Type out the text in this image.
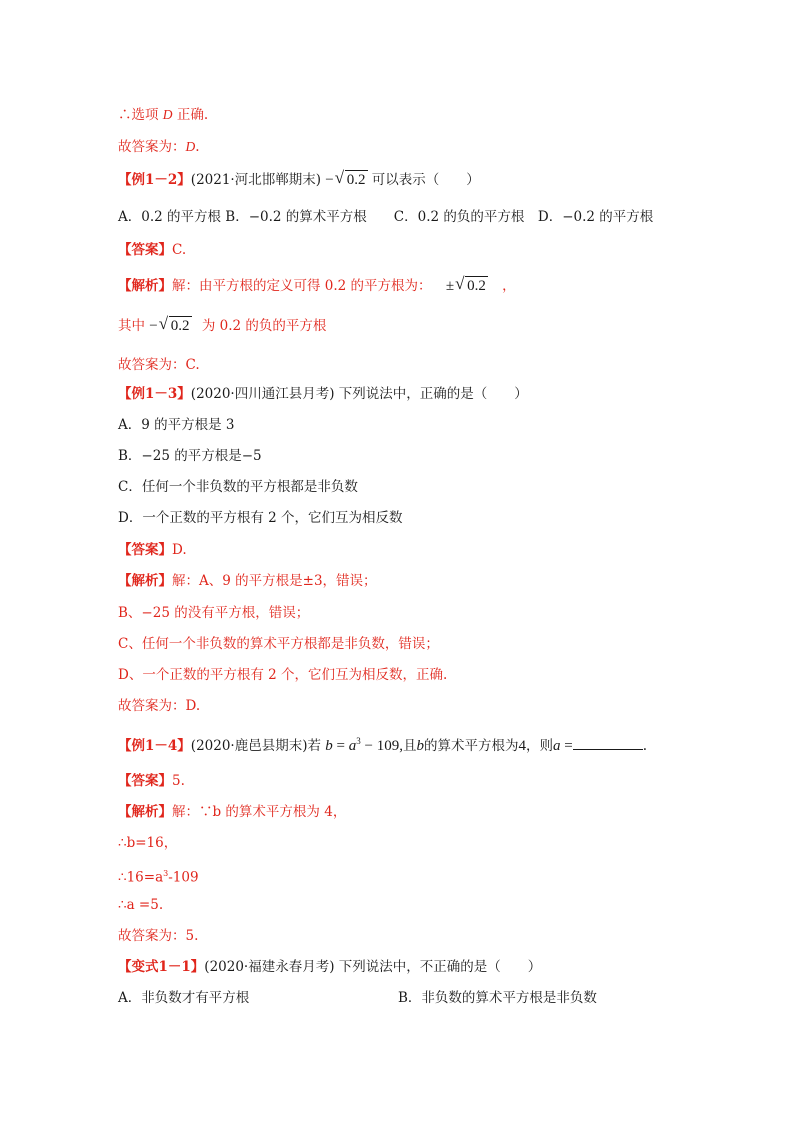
∴选项 D 正确.
故答案为：D.
【例1－2】(2021·河北邯郸期末) − √ 0.2 可以表示（　　）
A．0.2 的平方根 B．−0.2 的算术平方根　　C．0.2 的负的平方根　D．−0.2 的平方根
【答案】C.
【解析】解：由平方根的定义可得 0.2 的平方根为： ± √ 0.2 ，
其中 − √ 0.2 为 0.2 的负的平方根
故答案为：C.
【例1－3】(2020·四川通江县月考) 下列说法中，正确的是（　　）
A．9 的平方根是 3
B．−25 的平方根是−5
C．任何一个非负数的平方根都是非负数
D．一个正数的平方根有 2 个，它们互为相反数
【答案】D.
【解析】解：A、9 的平方根是±3，错误；
B、−25 的没有平方根，错误；
C、任何一个非负数的算术平方根都是非负数，错误；
D、一个正数的平方根有 2 个，它们互为相反数，正确.
故答案为：D.
【例1－4】(2020·鹿邑县期末)若 $b = a^3 - 109$,且b的算术平方根为4，则a =	.
【答案】5.
【解析】解：∵b 的算术平方根为 4，
∴b=16，
$\therefore 16=a^3-109$
∴a =5.
故答案为：5.
【变式1－1】(2020·福建永春月考) 下列说法中，不正确的是（　　）
A．非负数才有平方根	B．非负数的算术平方根是非负数
